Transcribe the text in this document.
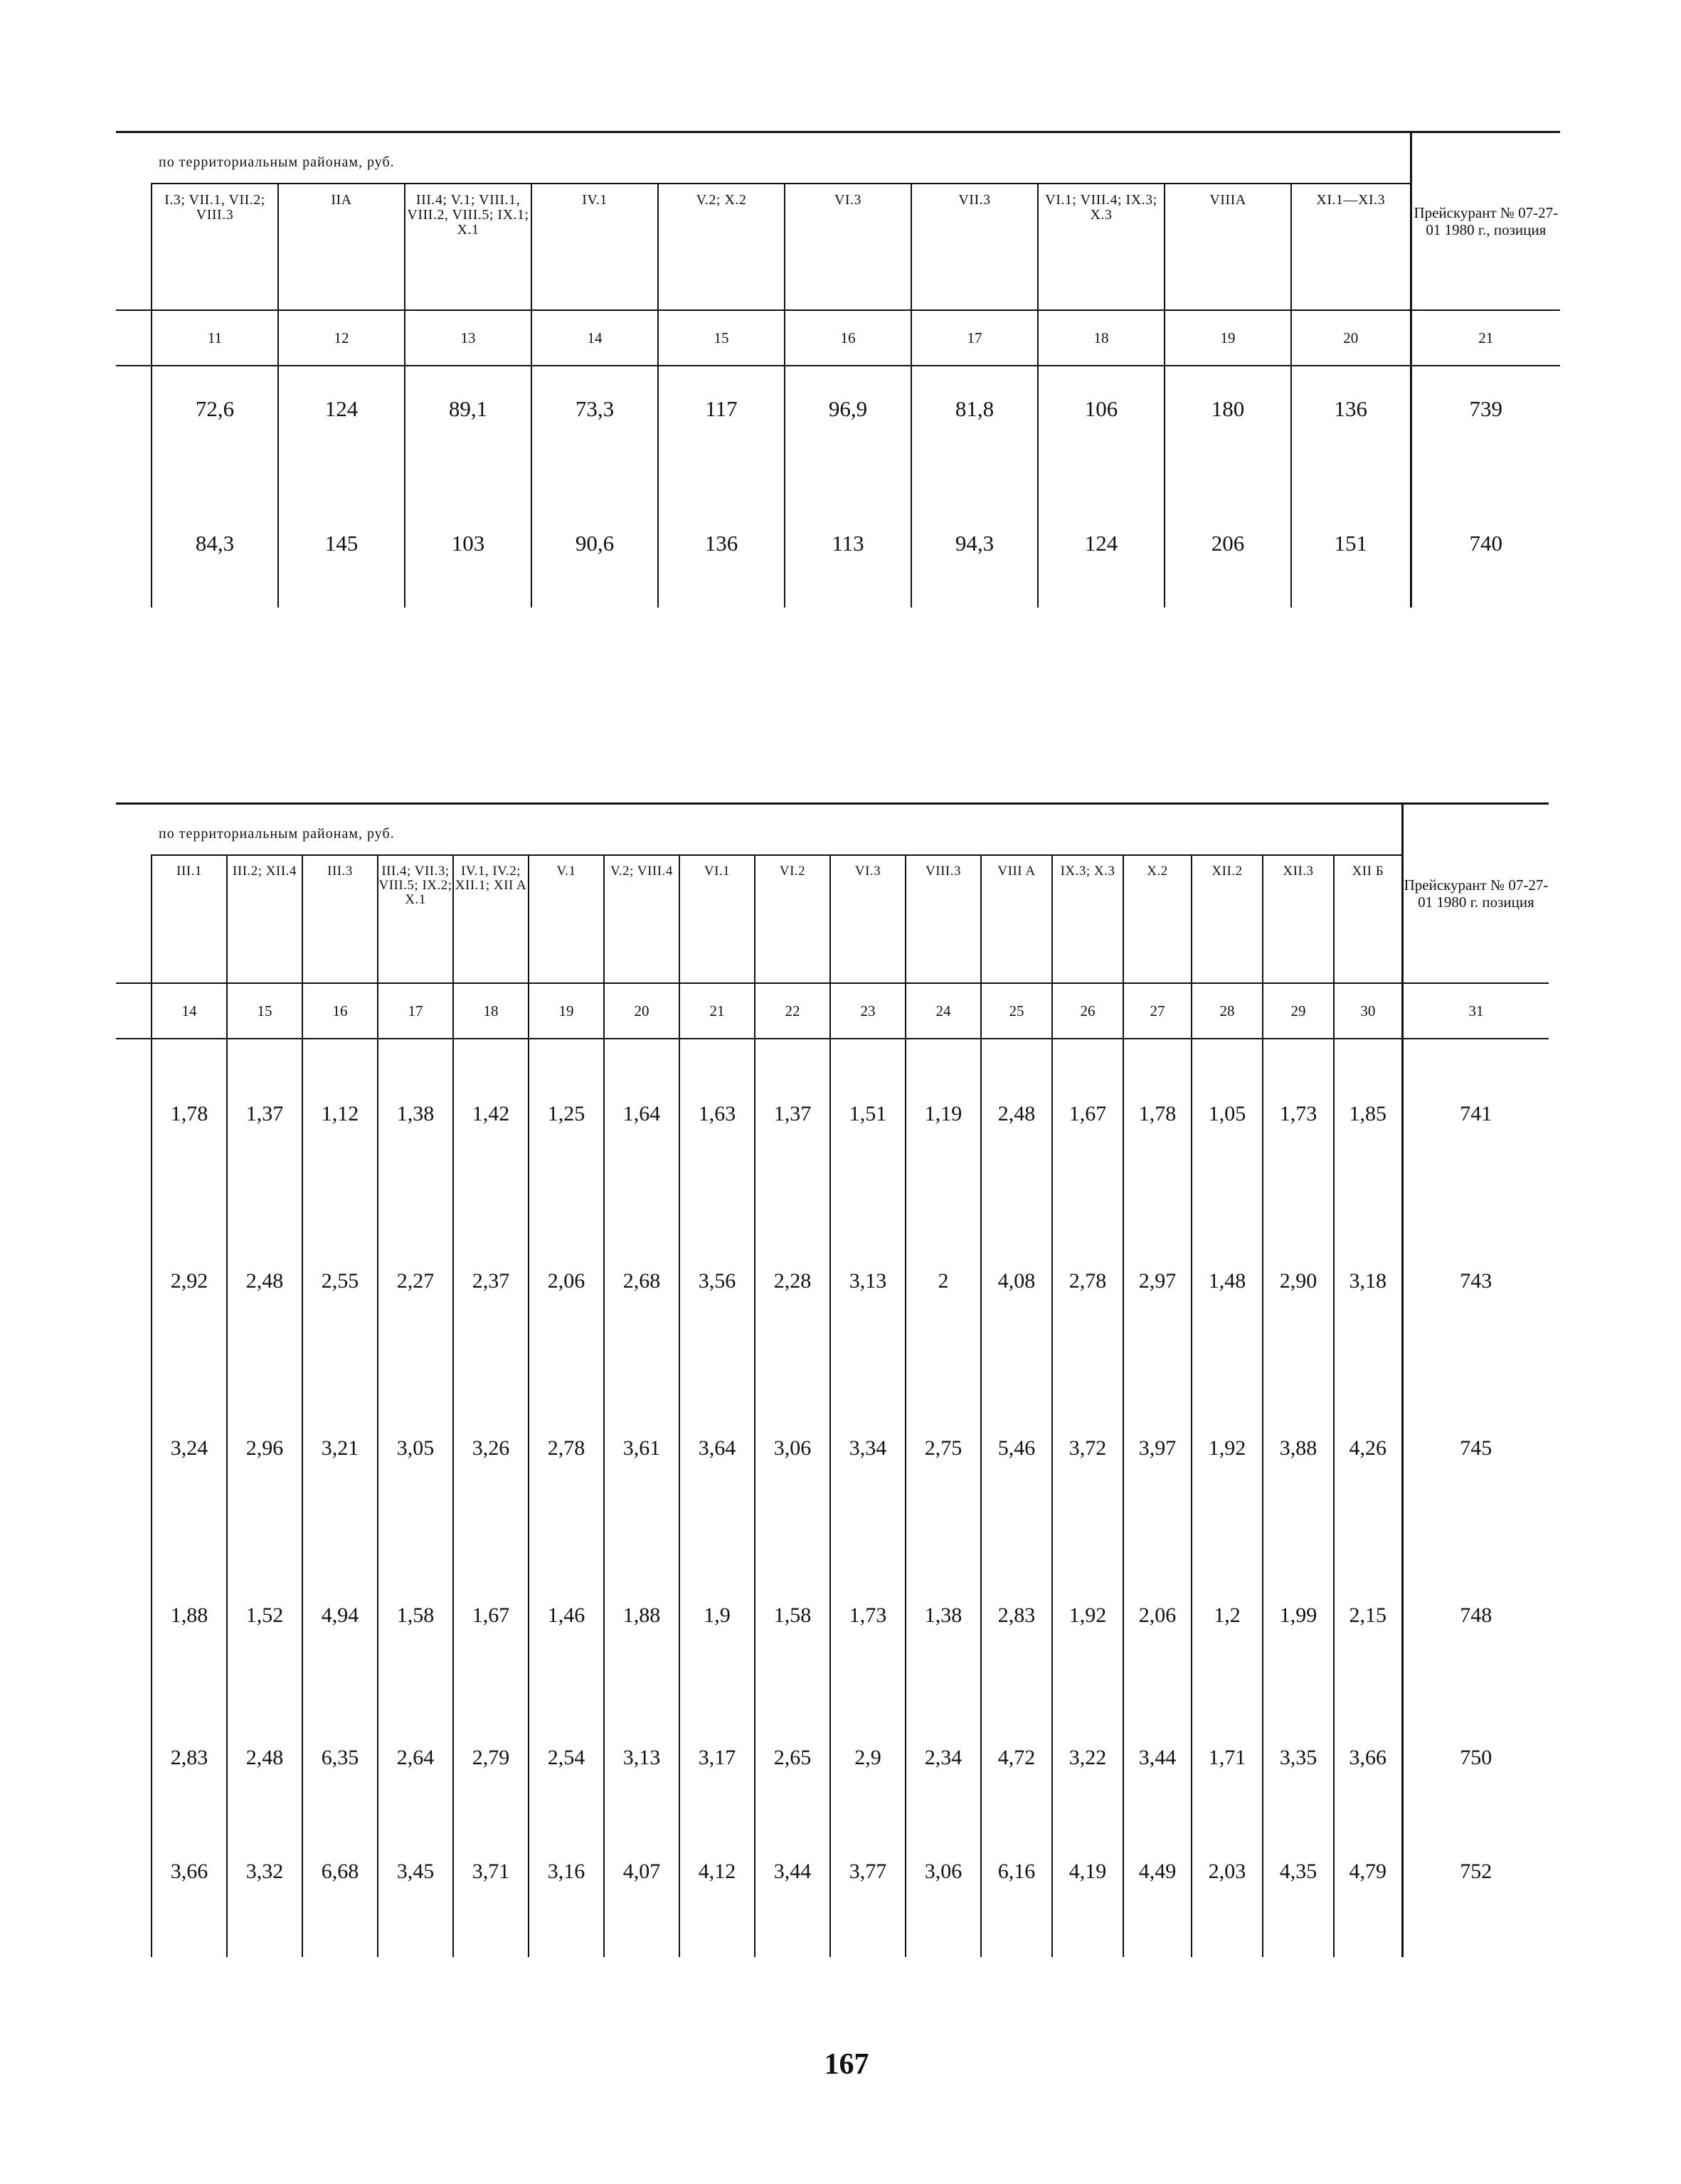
по территориальным районам, руб.											Прейскурант № 07-27-01 1980 г., позиция
	I.3; VII.1, VII.2; VIII.3	IIA	III.4; V.1; VIII.1, VIII.2, VIII.5; IX.1; X.1	IV.1	V.2; X.2	VI.3	VII.3	VI.1; VIII.4; IX.3; X.3	VIIIA	XI.1—XI.3	
	11	12	13	14	15	16	17	18	19	20	21
	72,6	124	89,1	73,3	117	96,9	81,8	106	180	136	739
	84,3	145	103	90,6	136	113	94,3	124	206	151	740
по территориальным районам, руб.																		Прейскурант № 07-27-01 1980 г. позиция
	III.1	III.2; XII.4	III.3	III.4; VII.3; VIII.5; IX.2; X.1	IV.1, IV.2; XII.1; XII A	V.1	V.2; VIII.4	VI.1	VI.2	VI.3	VIII.3	VIII A	IX.3; X.3	X.2	XII.2	XII.3	XII Б	
	14	15	16	17	18	19	20	21	22	23	24	25	26	27	28	29	30	31
	1,78	1,37	1,12	1,38	1,42	1,25	1,64	1,63	1,37	1,51	1,19	2,48	1,67	1,78	1,05	1,73	1,85	741
	2,92	2,48	2,55	2,27	2,37	2,06	2,68	3,56	2,28	3,13	2	4,08	2,78	2,97	1,48	2,90	3,18	743
	3,24	2,96	3,21	3,05	3,26	2,78	3,61	3,64	3,06	3,34	2,75	5,46	3,72	3,97	1,92	3,88	4,26	745
	1,88	1,52	4,94	1,58	1,67	1,46	1,88	1,9	1,58	1,73	1,38	2,83	1,92	2,06	1,2	1,99	2,15	748
	2,83	2,48	6,35	2,64	2,79	2,54	3,13	3,17	2,65	2,9	2,34	4,72	3,22	3,44	1,71	3,35	3,66	750
	3,66	3,32	6,68	3,45	3,71	3,16	4,07	4,12	3,44	3,77	3,06	6,16	4,19	4,49	2,03	4,35	4,79	752
167
